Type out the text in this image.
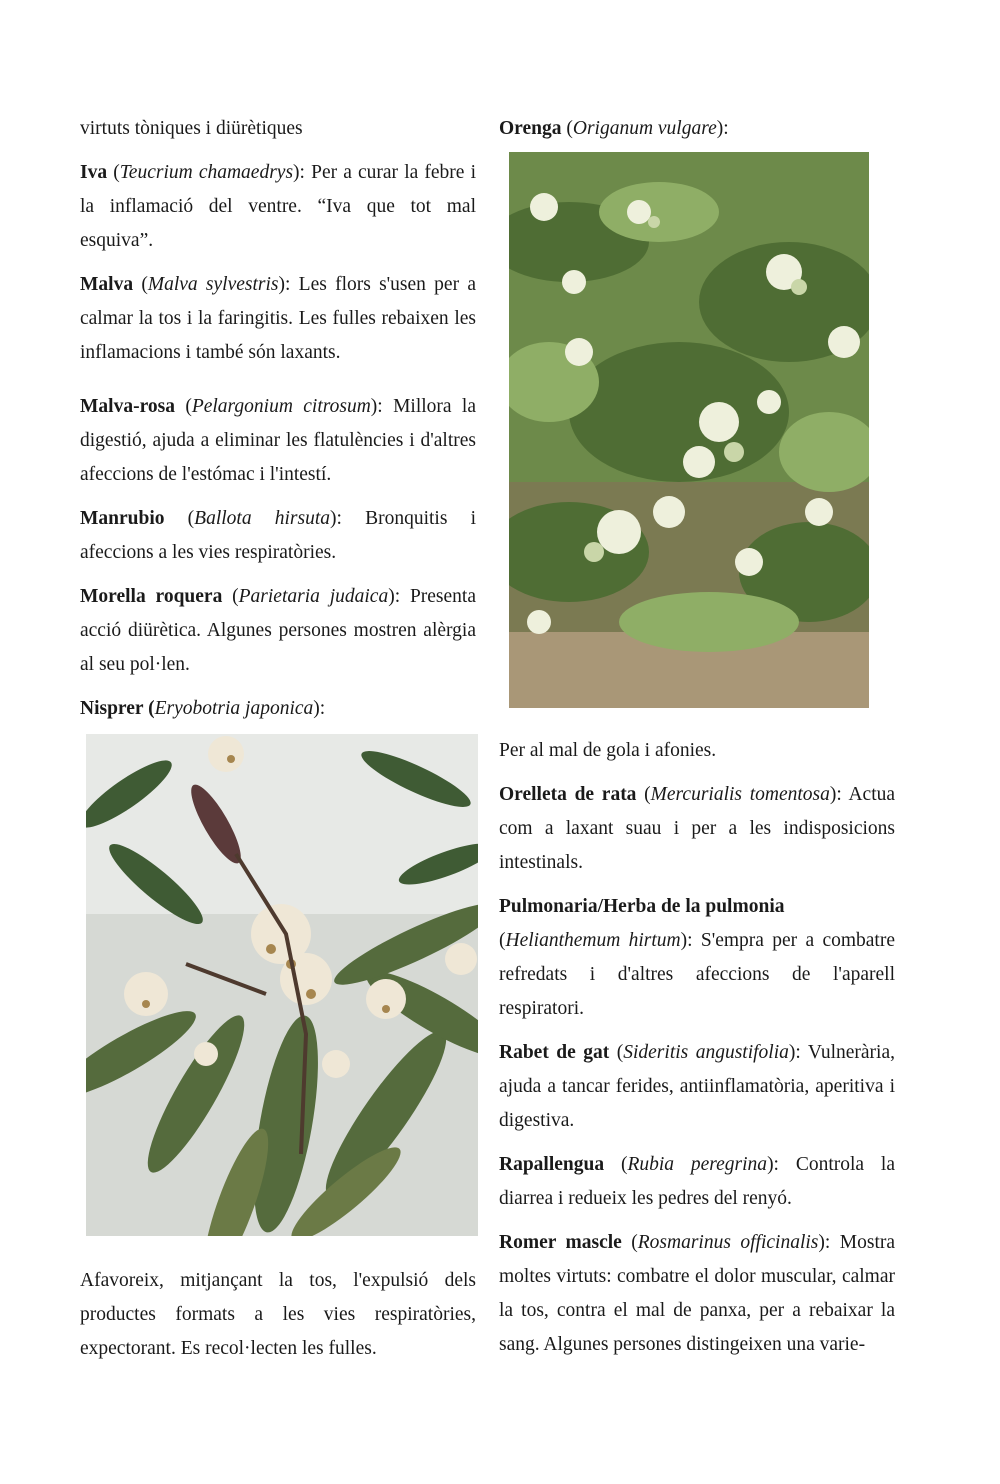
virtuts tòniques i diürètiques

Iva (Teucrium chamaedrys): Per a curar la febre i la inflamació del ventre. “Iva que tot mal esquiva”.

Malva (Malva sylvestris): Les flors s'usen per a calmar la tos i la faringitis. Les fulles rebaixen les inflamacions i també són laxants.

Malva-rosa (Pelargonium citrosum): Millora la digestió, ajuda a eliminar les flatulències i d'altres afeccions de l'estómac i l'intestí.

Manrubio (Ballota hirsuta): Bronquitis i afeccions a les vies respiratòries.

Morella roquera (Parietaria judaica): Presenta acció diürètica. Algunes persones mostren alèrgia al seu pol·len.

Nisprer (Eryobotria japonica):

Afavoreix, mitjançant la tos, l'expulsió dels productes formats a les vies respiratòries, expectorant. Es recol·lecten les fulles.

Orenga (Origanum vulgare):

Per al mal de gola i afonies.

Orelleta de rata (Mercurialis tomentosa): Actua com a laxant suau i per a les indisposicions intestinals.

Pulmonaria/Herba de la pulmonia
(Helianthemum hirtum): S'empra per a combatre refredats i d'altres afeccions de l'aparell respiratori.

Rabet de gat (Sideritis angustifolia): Vulnerària, ajuda a tancar ferides, antiinflamatòria, aperitiva i digestiva.

Rapallengua (Rubia peregrina): Controla la diarrea i redueix les pedres del renyó.

Romer mascle (Rosmarinus officinalis): Mostra moltes virtuts: combatre el dolor muscular, calmar la tos, contra el mal de panxa, per a rebaixar la sang. Algunes persones distingeixen una varie-
